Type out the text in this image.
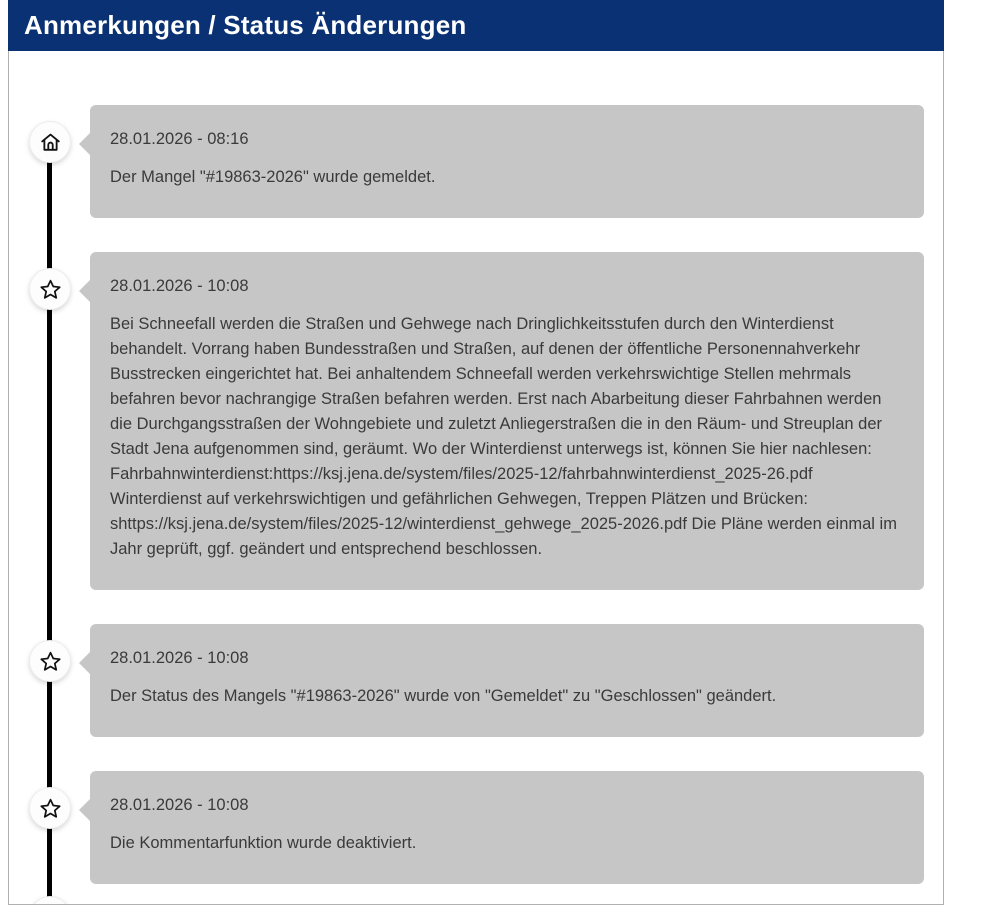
Anmerkungen / Status Änderungen
28.01.2026 - 08:16
Der Mangel "#19863-2026" wurde gemeldet.
28.01.2026 - 10:08
Bei Schneefall werden die Straßen und Gehwege nach Dringlichkeitsstufen durch den Winterdienst behandelt. Vorrang haben Bundesstraßen und Straßen, auf denen der öffentliche Personennahverkehr Busstrecken eingerichtet hat. Bei anhaltendem Schneefall werden verkehrswichtige Stellen mehrmals befahren bevor nachrangige Straßen befahren werden. Erst nach Abarbeitung dieser Fahrbahnen werden die Durchgangsstraßen der Wohngebiete und zuletzt Anliegerstraßen die in den Räum- und Streuplan der Stadt Jena aufgenommen sind, geräumt. Wo der Winterdienst unterwegs ist, können Sie hier nachlesen: Fahrbahnwinterdienst:https://ksj.jena.de/system/files/2025-12/fahrbahnwinterdienst_2025-26.pdf Winterdienst auf verkehrswichtigen und gefährlichen Gehwegen, Treppen Plätzen und Brücken: shttps://ksj.jena.de/system/files/2025-12/winterdienst_gehwege_2025-2026.pdf Die Pläne werden einmal im Jahr geprüft, ggf. geändert und entsprechend beschlossen.
28.01.2026 - 10:08
Der Status des Mangels "#19863-2026" wurde von "Gemeldet" zu "Geschlossen" geändert.
28.01.2026 - 10:08
Die Kommentarfunktion wurde deaktiviert.
